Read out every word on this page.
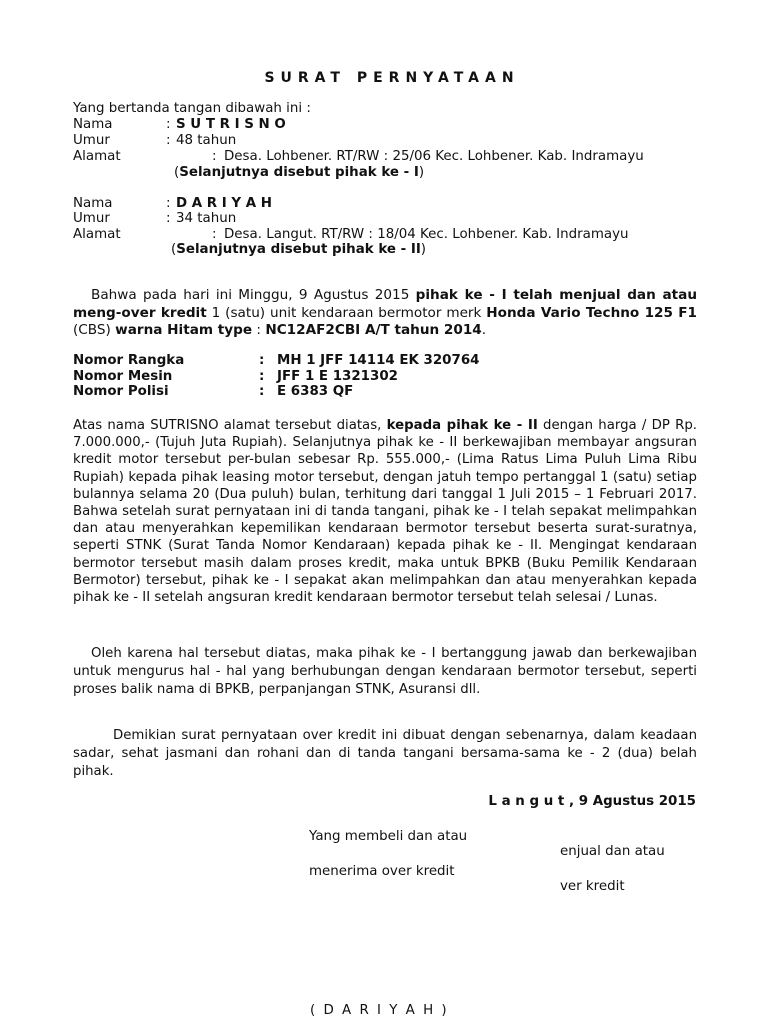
SURAT PERNYATAAN
Yang bertanda tangan dibawah ini :
Nama	: S U T R I S N O
Umur	: 48 tahun
Alamat	: Desa. Lohbener. RT/RW : 25/06 Kec. Lohbener. Kab. Indramayu
(Selanjutnya disebut pihak ke - I)
Nama	: D A R I Y A H
Umur	: 34 tahun
Alamat	: Desa. Langut. RT/RW : 18/04 Kec. Lohbener. Kab. Indramayu
(Selanjutnya disebut pihak ke - II)
Bahwa pada hari ini Minggu, 9 Agustus 2015 pihak ke - I telah menjual dan atau meng-over kredit 1 (satu) unit kendaraan bermotor merk Honda Vario Techno 125 F1 (CBS) warna Hitam type : NC12AF2CBI A/T tahun 2014.
Nomor Rangka	: MH 1 JFF 14114 EK 320764
Nomor Mesin	: JFF 1 E 1321302
Nomor Polisi	: E 6383 QF
Atas nama SUTRISNO alamat tersebut diatas, kepada pihak ke - II dengan harga / DP Rp. 7.000.000,- (Tujuh Juta Rupiah). Selanjutnya pihak ke - II berkewajiban membayar angsuran kredit motor tersebut per-bulan sebesar Rp. 555.000,- (Lima Ratus Lima Puluh Lima Ribu Rupiah) kepada pihak leasing motor tersebut, dengan jatuh tempo pertanggal 1 (satu) setiap bulannya selama 20 (Dua puluh) bulan, terhitung dari tanggal 1 Juli 2015 – 1 Februari 2017. Bahwa setelah surat pernyataan ini di tanda tangani, pihak ke - I telah sepakat melimpahkan dan atau menyerahkan kepemilikan kendaraan bermotor tersebut beserta surat-suratnya, seperti STNK (Surat Tanda Nomor Kendaraan) kepada pihak ke - II. Mengingat kendaraan bermotor tersebut masih dalam proses kredit, maka untuk BPKB (Buku Pemilik Kendaraan Bermotor) tersebut, pihak ke - I sepakat akan melimpahkan dan atau menyerahkan kepada pihak ke - II setelah angsuran kredit kendaraan bermotor tersebut telah selesai / Lunas.
Oleh karena hal tersebut diatas, maka pihak ke - I bertanggung jawab dan berkewajiban untuk mengurus hal - hal yang berhubungan dengan kendaraan bermotor tersebut, seperti proses balik nama di BPKB, perpanjangan STNK, Asuransi dll.
Demikian surat pernyataan over kredit ini dibuat dengan sebenarnya, dalam keadaan sadar, sehat jasmani dan rohani dan di tanda tangani bersama-sama ke - 2 (dua) belah pihak.
L a n g u t , 9 Agustus 2015
Yang membeli dan atau
menerima over kredit
enjual dan atau
ver kredit
( D A R I Y A H )
